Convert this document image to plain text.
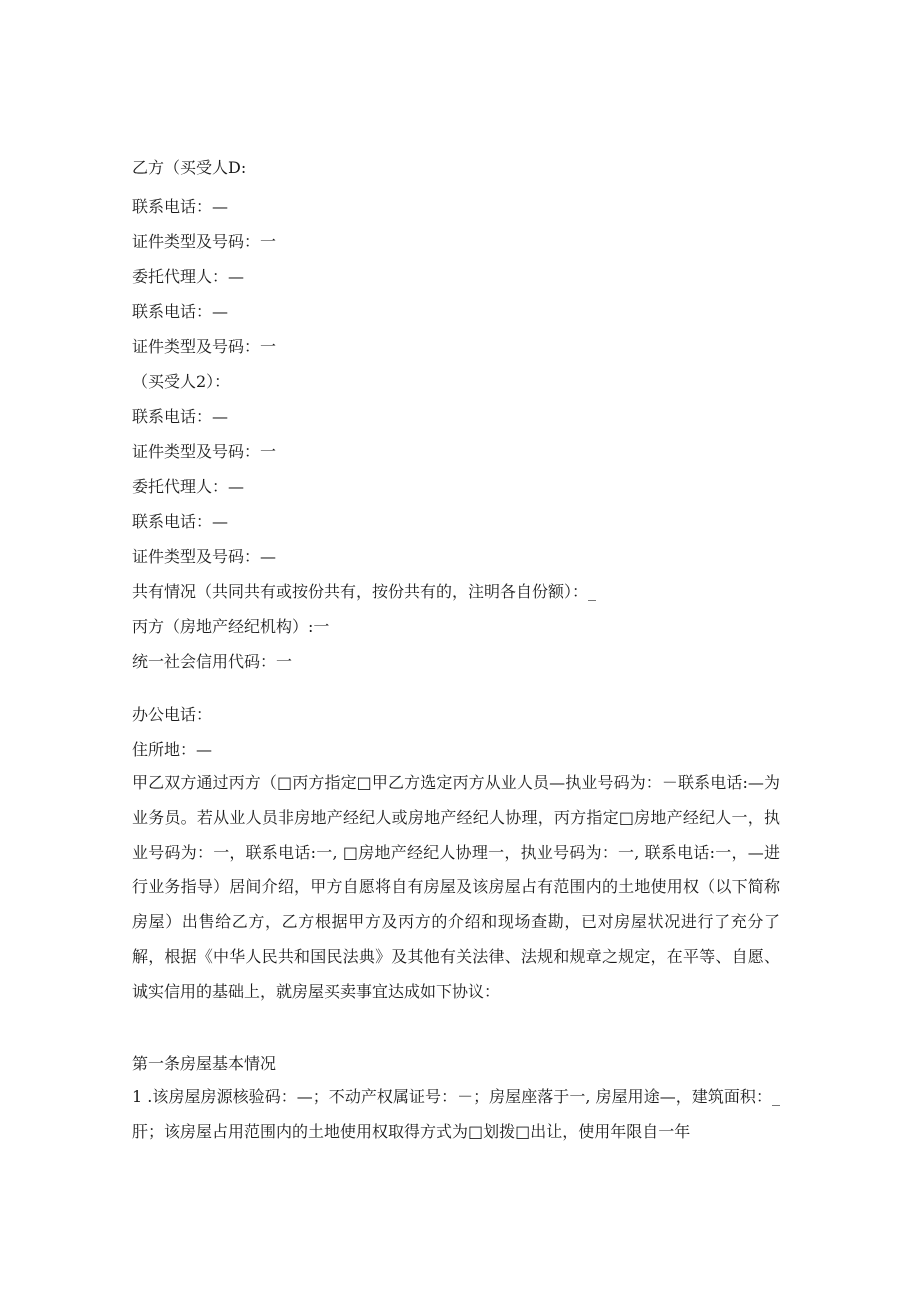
乙方（买受人D:
联系电话：—
证件类型及号码：一
委托代理人：—
联系电话：—
证件类型及号码：一
（买受人2）：
联系电话：—
证件类型及号码：一
委托代理人：—
联系电话：—
证件类型及号码：—
共有情况（共同共有或按份共有，按份共有的，注明各自份额）：_
丙方（房地产经纪机构）:一
统一社会信用代码：一
办公电话：
住所地：—
甲乙双方通过丙方（□丙方指定□甲乙方选定丙方从业人员—执业号码为：－联系电话:—为业务员。若从业人员非房地产经纪人或房地产经纪人协理，丙方指定□房地产经纪人一，执业号码为：一，联系电话:一, □房地产经纪人协理一，执业号码为：一, 联系电话:一，—进行业务指导）居间介绍，甲方自愿将自有房屋及该房屋占有范围内的土地使用权（以下简称房屋）出售给乙方，乙方根据甲方及丙方的介绍和现场查勘，已对房屋状况进行了充分了解，根据《中华人民共和国民法典》及其他有关法律、法规和规章之规定，在平等、自愿、诚实信用的基础上，就房屋买卖事宜达成如下协议：
第一条房屋基本情况
1 .该房屋房源核验码：—；不动产权属证号：－；房屋座落于一, 房屋用途—，建筑面积：_肝；该房屋占用范围内的土地使用权取得方式为□划拨□出让，使用年限自一年
